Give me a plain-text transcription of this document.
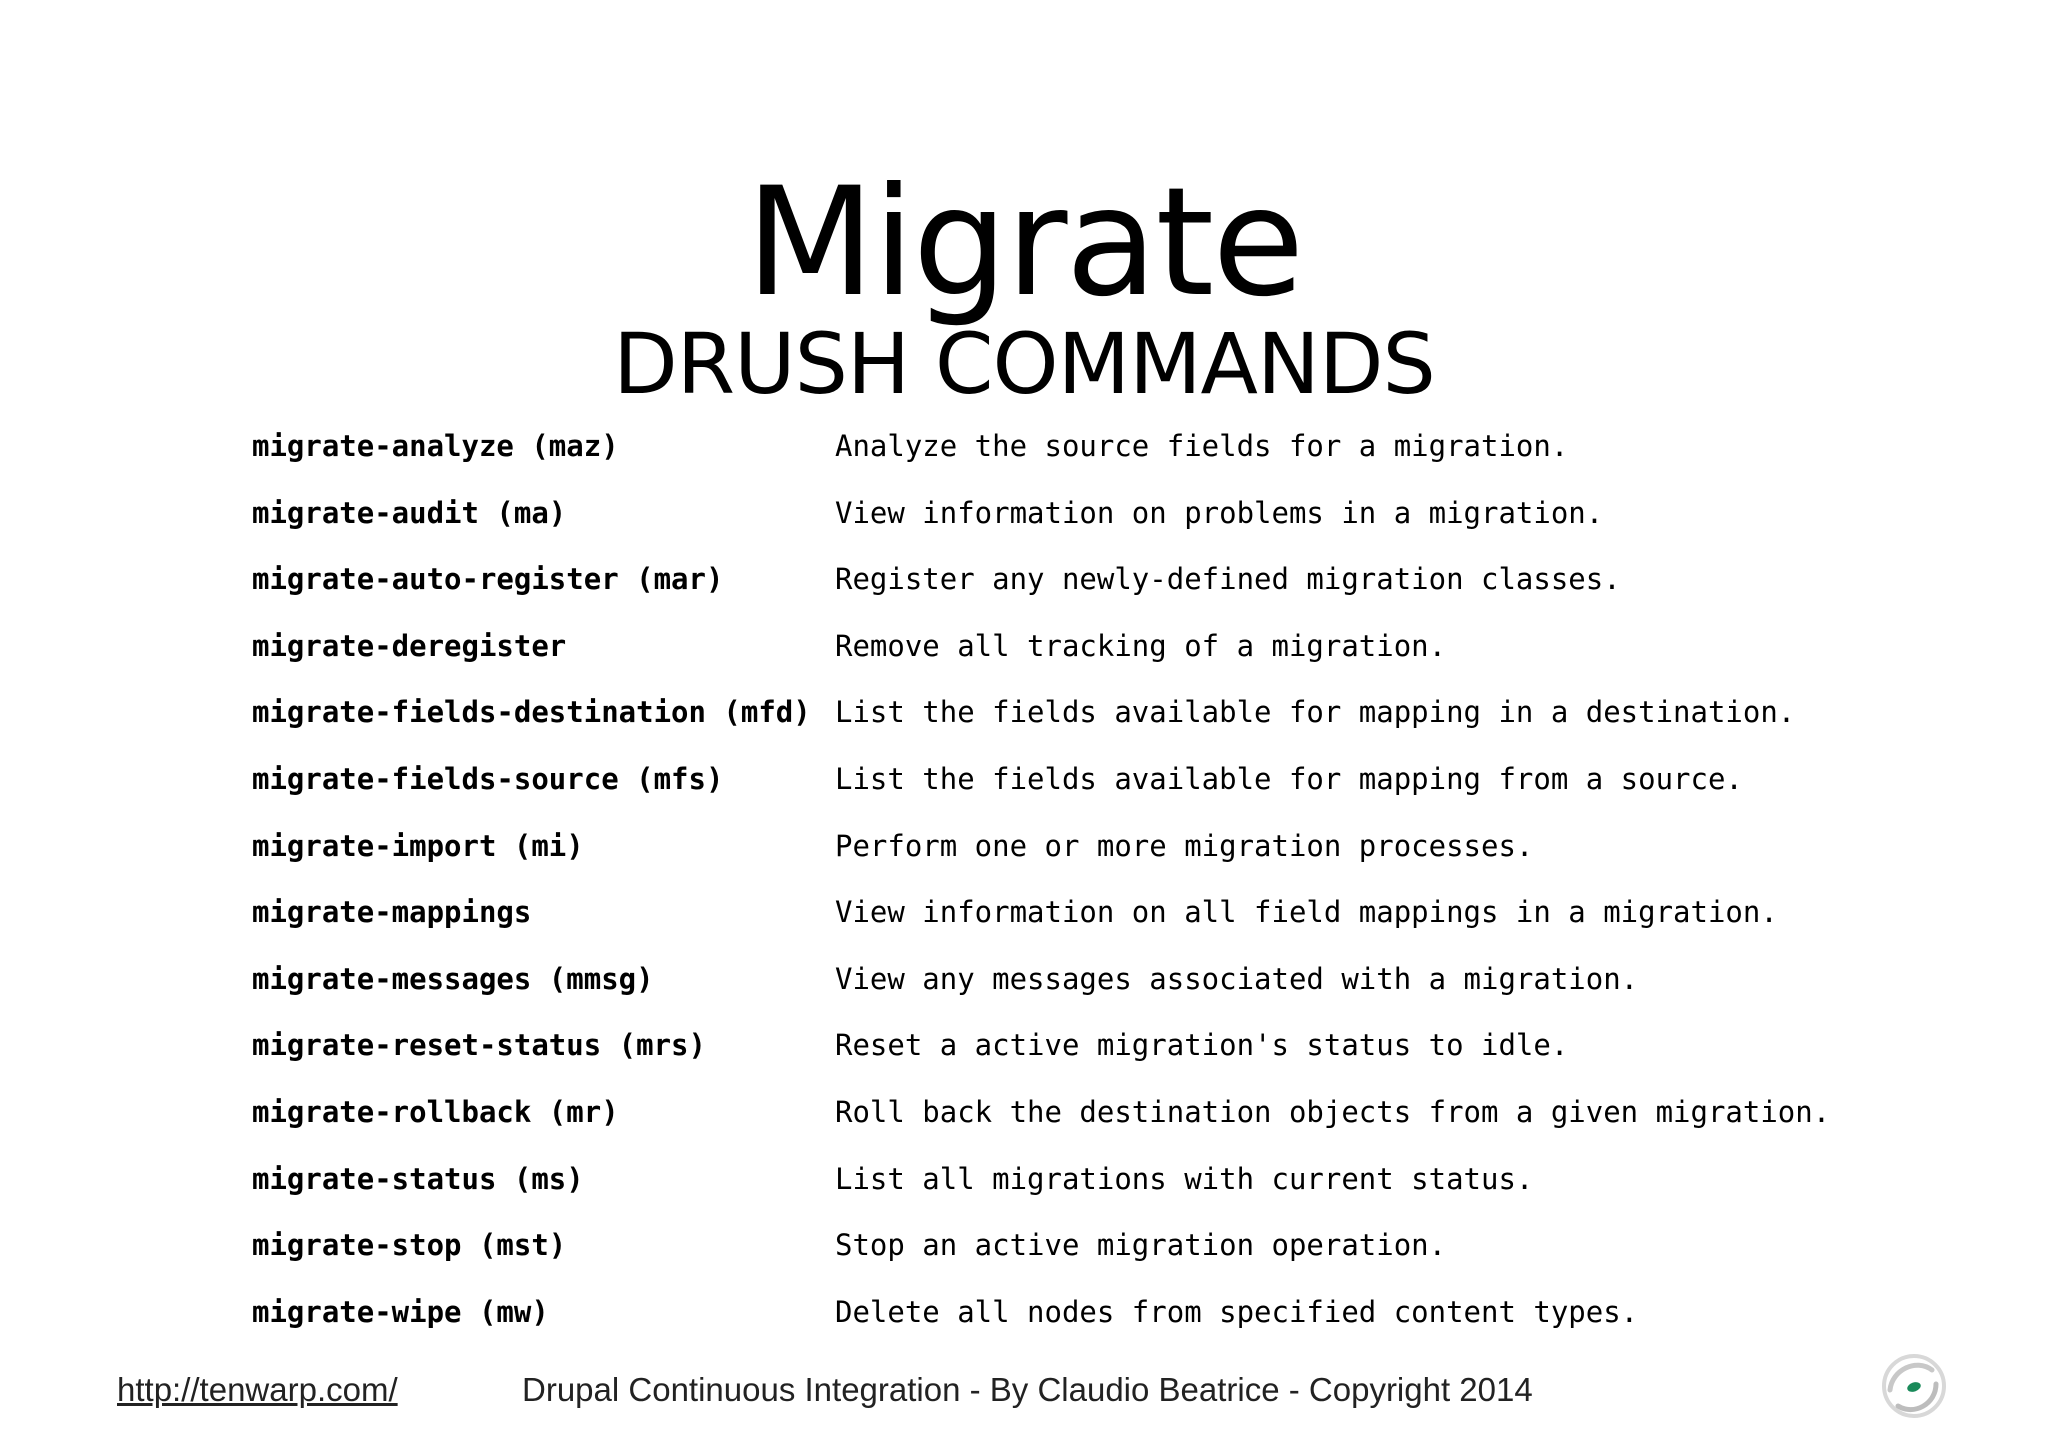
Migrate
DRUSH COMMANDS
migrate-analyze (maz)	Analyze the source fields for a migration.
migrate-audit (ma)	View information on problems in a migration.
migrate-auto-register (mar)	Register any newly-defined migration classes.
migrate-deregister	Remove all tracking of a migration.
migrate-fields-destination (mfd) List the fields available for mapping in a destination.
migrate-fields-source (mfs)	List the fields available for mapping from a source.
migrate-import (mi)	Perform one or more migration processes.
migrate-mappings	View information on all field mappings in a migration.
migrate-messages (mmsg)	View any messages associated with a migration.
migrate-reset-status (mrs)	Reset a active migration's status to idle.
migrate-rollback (mr)	Roll back the destination objects from a given migration.
migrate-status (ms)	List all migrations with current status.
migrate-stop (mst)	Stop an active migration operation.
migrate-wipe (mw)	Delete all nodes from specified content types.
http://tenwarp.com/	Drupal Continuous Integration - By Claudio Beatrice - Copyright 2014
